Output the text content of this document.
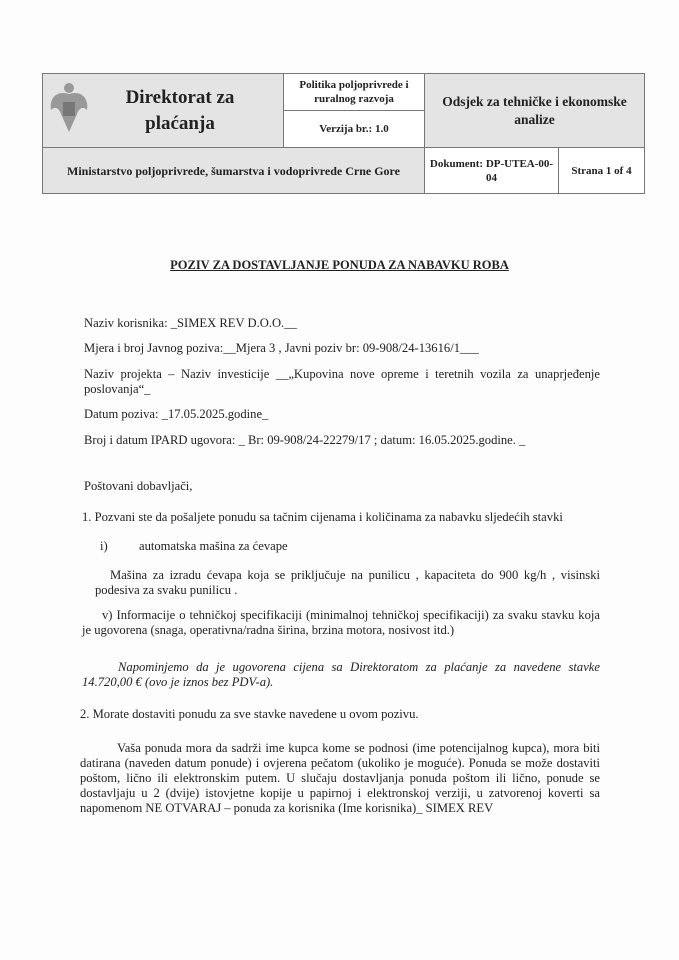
Direktorat za plaćanja	Politika poljoprivrede i ruralnog razvoja	Odsjek za tehničke i ekonomske analize	
	Verzija br.: 1.0		
Ministarstvo poljoprivrede, šumarstva i vodoprivrede Crne Gore		Dokument: DP-UTEA-00-04	Strana 1 of 4
POZIV ZA DOSTAVLJANJE PONUDA ZA NABAVKU ROBA
Naziv korisnika: _SIMEX REV D.O.O.__
Mjera i broj Javnog poziva:__Mjera 3 , Javni poziv br: 09-908/24-13616/1___
Naziv projekta – Naziv investicije __„Kupovina nove opreme i teretnih vozila za unaprjeđenje poslovanja“_
Datum poziva: _17.05.2025.godine_
Broj i datum IPARD ugovora: _ Br: 09-908/24-22279/17 ; datum: 16.05.2025.godine. _
Poštovani dobavljači,
1. Pozvani ste da pošaljete ponudu sa tačnim cijenama i količinama za nabavku sljedećih stavki
i) automatska mašina za ćevape
Mašina za izradu ćevapa koja se priključuje na punilicu , kapaciteta do 900 kg/h , visinski podesiva za svaku punilicu .
v) Informacije o tehničkoj specifikaciji (minimalnoj tehničkoj specifikaciji) za svaku stavku koja je ugovorena (snaga, operativna/radna širina, brzina motora, nosivost itd.)
Napominjemo da je ugovorena cijena sa Direktoratom za plaćanje za navedene stavke 14.720,00 € (ovo je iznos bez PDV-a).
2. Morate dostaviti ponudu za sve stavke navedene u ovom pozivu.
Vaša ponuda mora da sadrži ime kupca kome se podnosi (ime potencijalnog kupca), mora biti datirana (naveden datum ponude) i ovjerena pečatom (ukoliko je moguće). Ponuda se može dostaviti poštom, lično ili elektronskim putem. U slučaju dostavljanja ponuda poštom ili lično, ponude se dostavljaju u 2 (dvije) istovjetne kopije u papirnoj i elektronskoj verziji, u zatvorenoj koverti sa napomenom NE OTVARAJ – ponuda za korisnika (Ime korisnika)_ SIMEX REV
